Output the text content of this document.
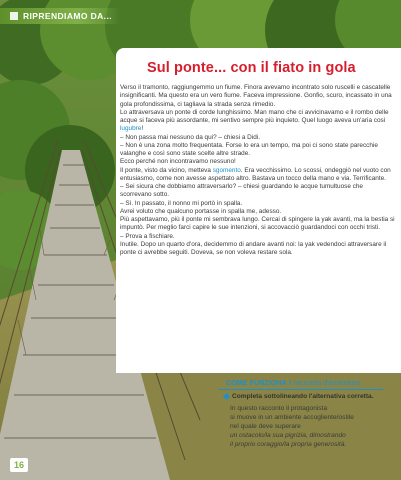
RIPRENDIAMO DA...
Sul ponte... con il fiato in gola

Verso il tramonto, raggiungemmo un fiume. Finora avevamo incontrato solo ruscelli e cascatelle insignificanti. Ma questo era un vero fiume. Faceva impressione. Gonfio, scuro, incassato in una gola profondissima, ci tagliava la strada senza rimedio.

Lo attraversava un ponte di corde lunghissimo. Man mano che ci avvicinavamo e il rombo delle acque si faceva più assordante, mi sentivo sempre più inquieto. Quel luogo aveva un'aria così lugubre!

– Non passa mai nessuno da qui? – chiesi a Didi.

– Non è una zona molto frequentata. Forse lo era un tempo, ma poi ci sono state parecchie valanghe e così sono state scelte altre strade.

Ecco perché non incontravamo nessuno!

Il ponte, visto da vicino, metteva sgomento. Era vecchissimo. Lo scossi, ondeggiò nel vuoto con entusiasmo, come non avesse aspettato altro. Bastava un tocco della mano e via. Terrificante.

– Sei sicura che dobbiamo attraversarlo? – chiesi guardando le acque tumultuose che scorrevano sotto.

– Sì. In passato, il nonno mi portò in spalla.

Avrei voluto che qualcuno portasse in spalla me, adesso.

Più aspettavamo, più il ponte mi sembrava lungo. Cercai di spingere la yak avanti, ma la bestia si impuntò. Per meglio farci capire le sue intenzioni, si accovacciò guardandoci con occhi tristi.

– Prova a fischiare.

Inutile. Dopo un quarto d'ora, decidemmo di andare avanti noi: la yak vedendoci attraversare il ponte ci avrebbe seguiti. Doveva, se non voleva restare sola.

COME FUNZIONA il racconto d'avventura
Completa sottolineando l'alternativa corretta.

In questo racconto il protagonista

si muove in un ambiente accogliente/ostile

nel quale deve superare

un ostacolo/la sua pigrizia, dimostrando

il proprio coraggio/la propria generosità.

16
